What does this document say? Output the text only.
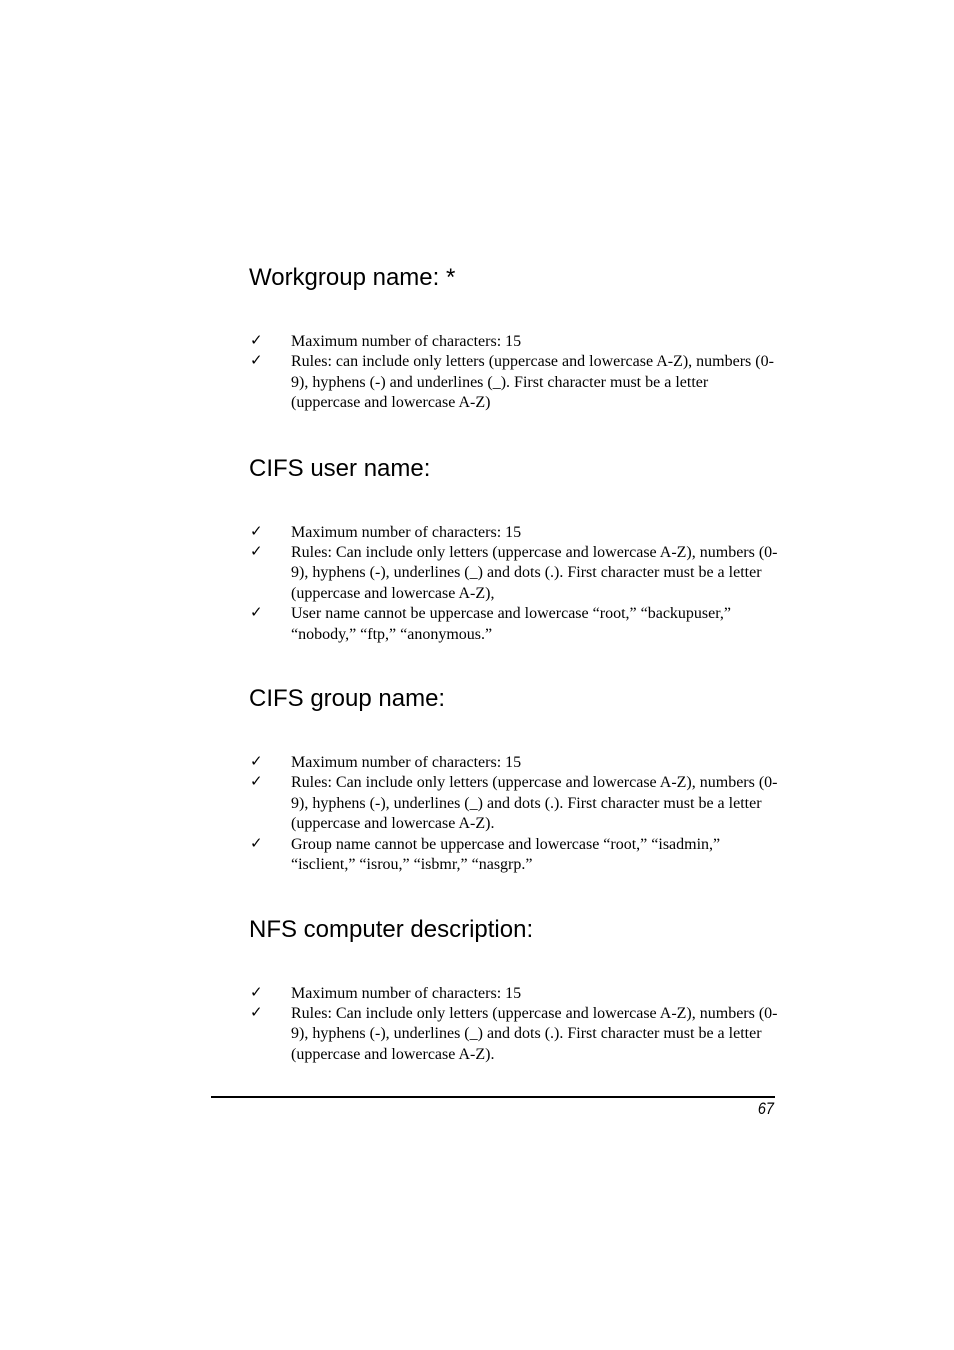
Workgroup name: *
✓ Maximum number of characters: 15
✓ Rules: can include only letters (uppercase and lowercase A-Z), numbers (0-9), hyphens (-) and underlines (_). First character must be a letter (uppercase and lowercase A-Z)
CIFS user name:
✓ Maximum number of characters: 15
✓ Rules: Can include only letters (uppercase and lowercase A-Z), numbers (0-9), hyphens (-), underlines (_) and dots (.). First character must be a letter (uppercase and lowercase A-Z),
✓ User name cannot be uppercase and lowercase “root,” “backupuser,” “nobody,” “ftp,” “anonymous.”
CIFS group name:
✓ Maximum number of characters: 15
✓ Rules: Can include only letters (uppercase and lowercase A-Z), numbers (0-9), hyphens (-), underlines (_) and dots (.). First character must be a letter (uppercase and lowercase A-Z).
✓ Group name cannot be uppercase and lowercase “root,” “isadmin,” “isclient,” “isrou,” “isbmr,” “nasgrp.”
NFS computer description:
✓ Maximum number of characters: 15
✓ Rules: Can include only letters (uppercase and lowercase A-Z), numbers (0-9), hyphens (-), underlines (_) and dots (.). First character must be a letter (uppercase and lowercase A-Z).
67
